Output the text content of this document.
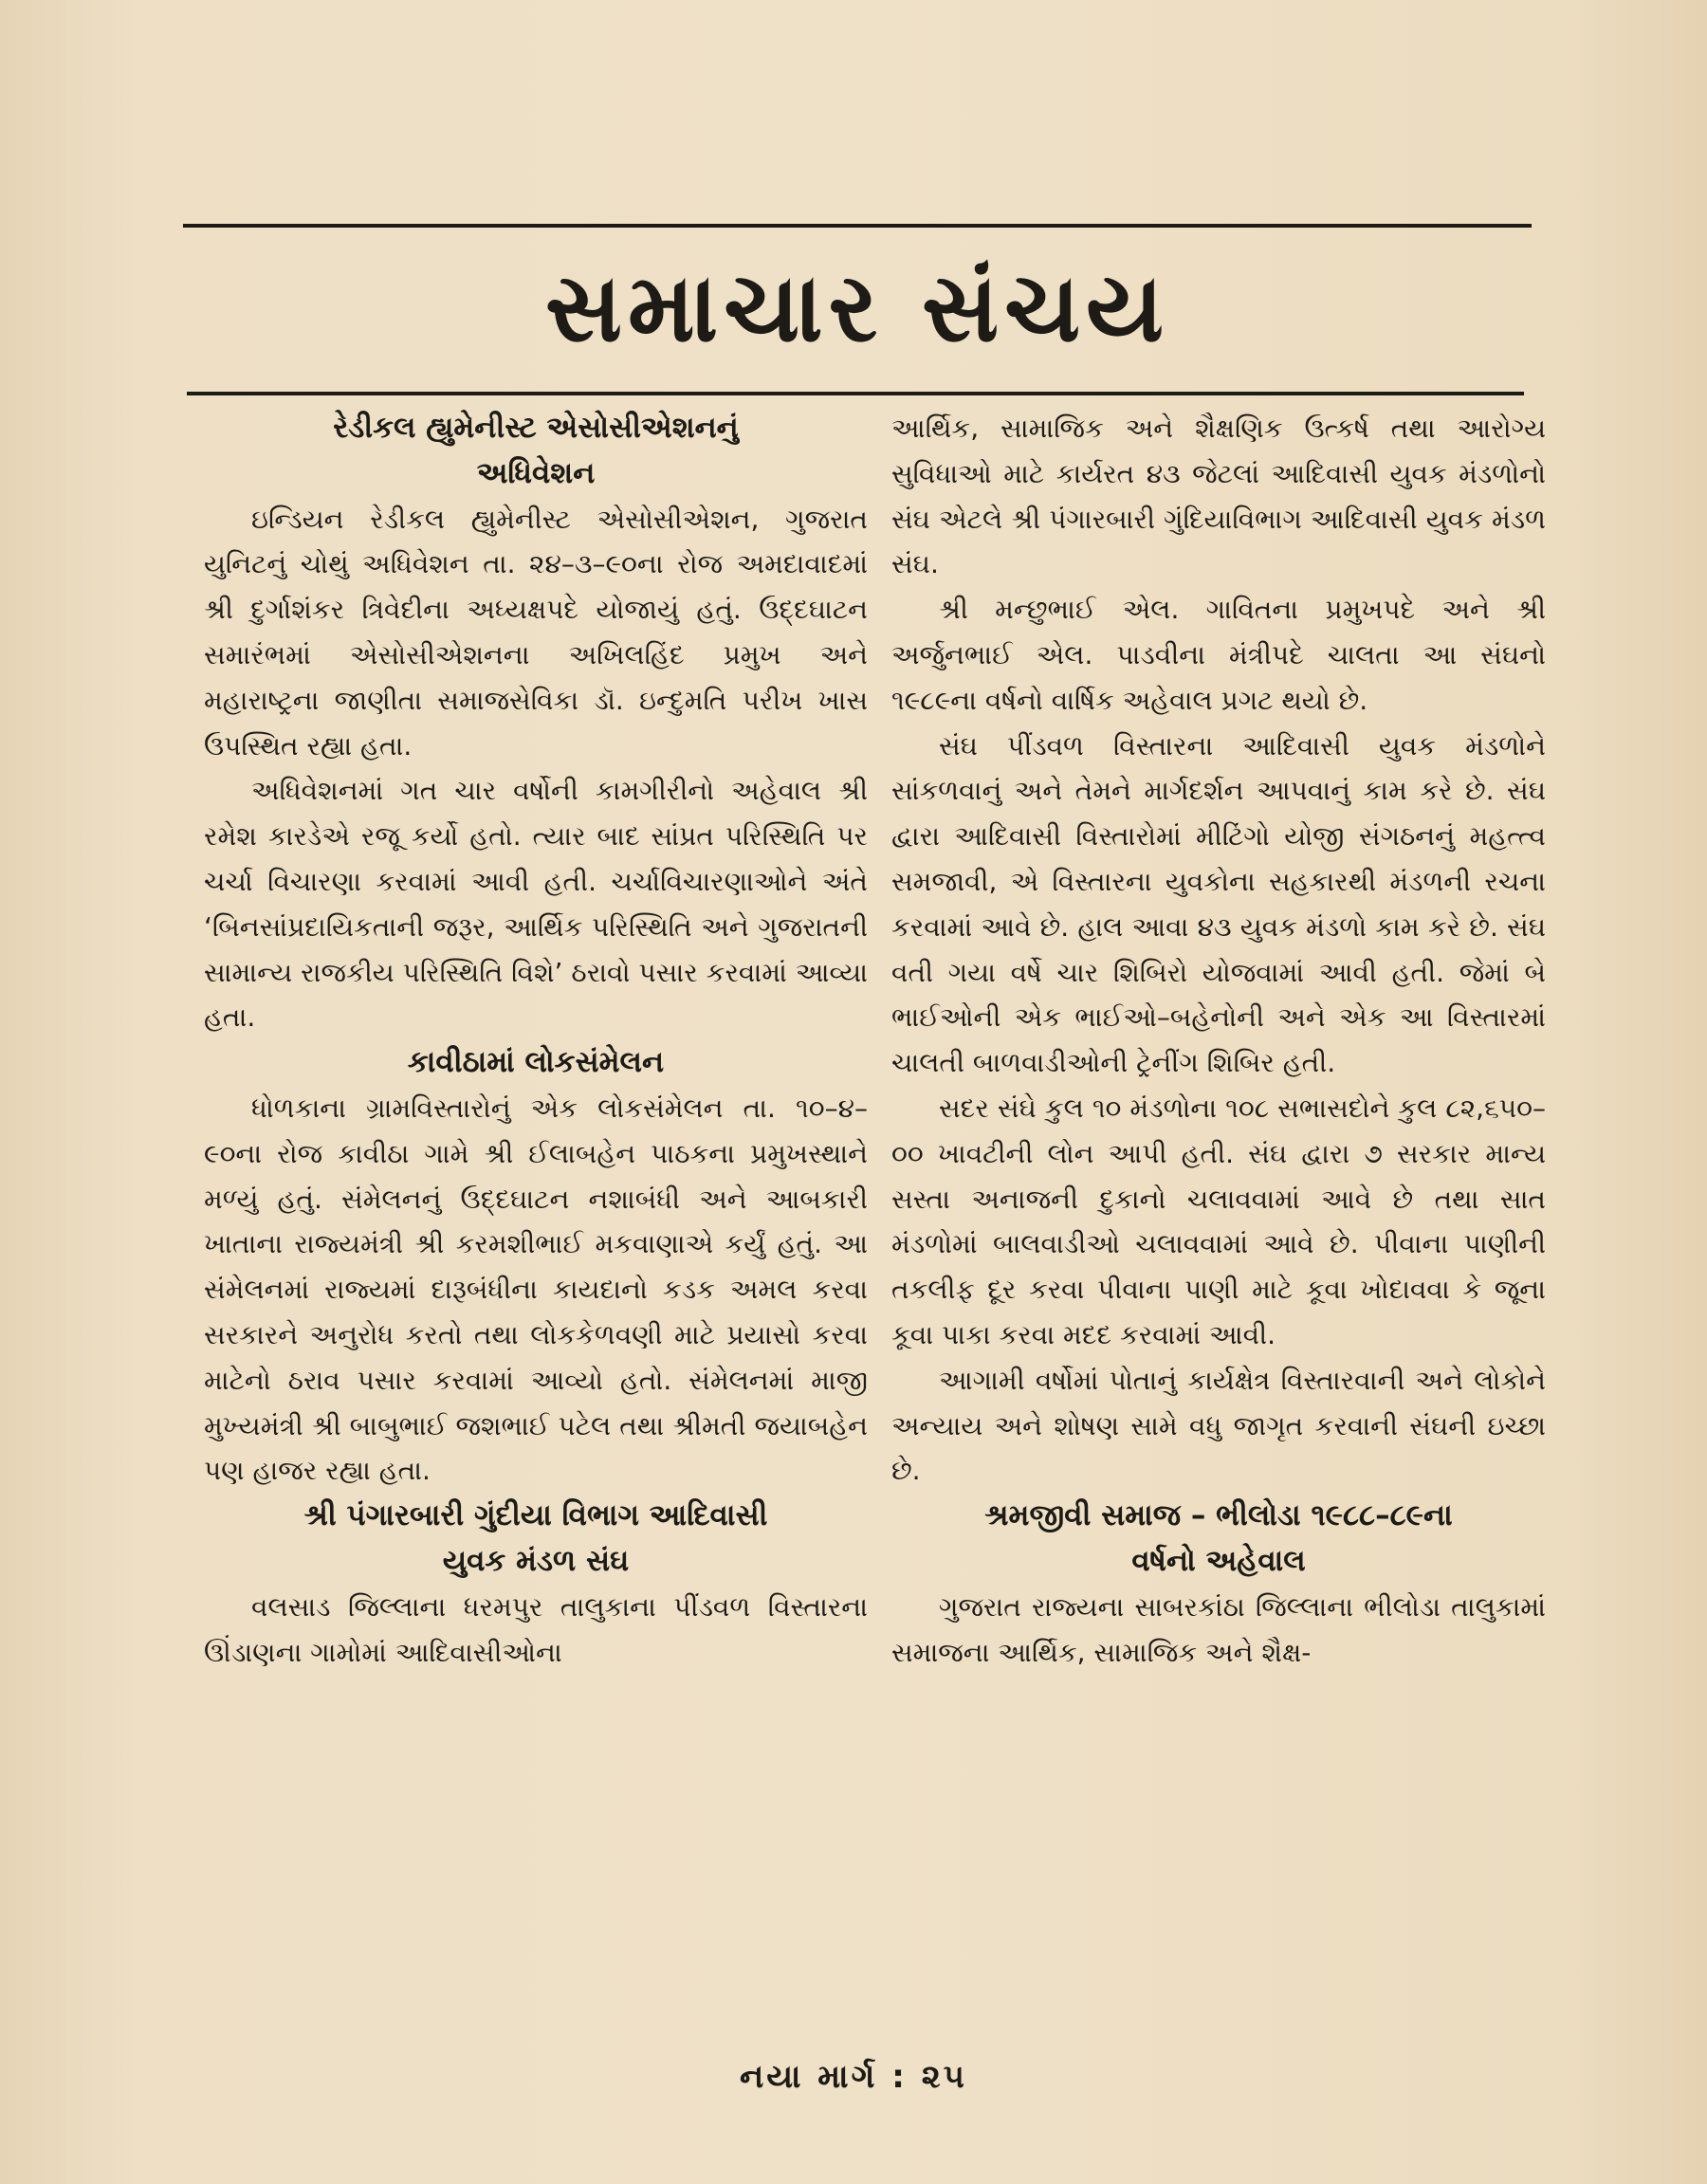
સમાચાર સંચય
રેડીકલ હ્યુમેનીસ્ટ એસોસીએશનનું
અધિવેશન

ઇન્ડિયન રેડીકલ હ્યુમેનીસ્ટ એસોસીએશન, ગુજરાત યુનિટનું ચોથું અધિવેશન તા. ૨૪–૩–૯૦ના રોજ અમદાવાદમાં શ્રી દુર્ગાશંકર ત્રિવેદીના અધ્યક્ષપદે યોજાયું હતું. ઉદ્દઘાટન સમારંભમાં એસોસીએશનના અખિલહિંદ પ્રમુખ અને મહારાષ્ટ્રના જાણીતા સમાજસેવિકા ડૉ. ઇન્દુમતિ પરીખ ખાસ ઉપસ્થિત રહ્યા હતા.

અધિવેશનમાં ગત ચાર વર્ષોની કામગીરીનો અહેવાલ શ્રી રમેશ કારડેએ રજૂ કર્યો હતો. ત્યાર બાદ સાંપ્રત પરિસ્થિતિ પર ચર્ચા વિચારણા કરવામાં આવી હતી. ચર્ચાવિચારણાઓને અંતે ‘બિનસાંપ્રદાયિકતાની જરૂર, આર્થિક પરિસ્થિતિ અને ગુજરાતની સામાન્ય રાજકીય પરિસ્થિતિ વિશે’ ઠરાવો પસાર કરવામાં આવ્યા હતા.

કાવીઠામાં લોકસંમેલન

ધોળકાના ગ્રામવિસ્તારોનું એક લોકસંમેલન તા. ૧૦–૪–૯૦ના રોજ કાવીઠા ગામે શ્રી ઈલાબહેન પાઠકના પ્રમુખસ્થાને મળ્યું હતું. સંમેલનનું ઉદ્દઘાટન નશાબંધી અને આબકારી ખાતાના રાજ્યમંત્રી શ્રી કરમશીભાઈ મકવાણાએ કર્યું હતું. આ સંમેલનમાં રાજ્યમાં દારૂબંધીના કાયદાનો કડક અમલ કરવા સરકારને અનુરોધ કરતો તથા લોકકેળવણી માટે પ્રયાસો કરવા માટેનો ઠરાવ પસાર કરવામાં આવ્યો હતો. સંમેલનમાં માજી મુખ્યમંત્રી શ્રી બાબુભાઈ જશભાઈ પટેલ તથા શ્રીમતી જયાબહેન પણ હાજર રહ્યા હતા.

શ્રી પંગારબારી ગુંદીયા વિભાગ આદિવાસી
યુવક મંડળ સંઘ

વલસાડ જિલ્લાના ધરમપુર તાલુકાના પીંડવળ વિસ્તારના ઊંડાણના ગામોમાં આદિવાસીઓના

આર્થિક, સામાજિક અને શૈક્ષણિક ઉત્કર્ષ તથા આરોગ્ય સુવિધાઓ માટે કાર્યરત ૪૩ જેટલાં આદિવાસી યુવક મંડળોનો સંઘ એટલે શ્રી પંગારબારી ગુંદિયાવિભાગ આદિવાસી યુવક મંડળ સંઘ.

શ્રી મન્છુભાઈ એલ. ગાવિતના પ્રમુખપદે અને શ્રી અર્જુનભાઈ એલ. પાડવીના મંત્રીપદે ચાલતા આ સંઘનો ૧૯૮૯ના વર્ષનો વાર્ષિક અહેવાલ પ્રગટ થયો છે.

સંઘ પીંડવળ વિસ્તારના આદિવાસી યુવક મંડળોને સાંકળવાનું અને તેમને માર્ગદર્શન આપવાનું કામ કરે છે. સંઘ દ્વારા આદિવાસી વિસ્તારોમાં મીટિંગો યોજી સંગઠનનું મહત્ત્વ સમજાવી, એ વિસ્તારના યુવકોના સહકારથી મંડળની રચના કરવામાં આવે છે. હાલ આવા ૪૩ યુવક મંડળો કામ કરે છે. સંઘ વતી ગયા વર્ષે ચાર શિબિરો યોજવામાં આવી હતી. જેમાં બે ભાઈઓની એક ભાઈઓ–બહેનોની અને એક આ વિસ્તારમાં ચાલતી બાળવાડીઓની ટ્રેનીંગ શિબિર હતી.

સદર સંઘે કુલ ૧૦ મંડળોના ૧૦૮ સભાસદોને કુલ ૮૨,૬૫૦–૦૦ ખાવટીની લોન આપી હતી. સંઘ દ્વારા ૭ સરકાર માન્ય સસ્તા અનાજની દુકાનો ચલાવવામાં આવે છે તથા સાત મંડળોમાં બાલવાડીઓ ચલાવવામાં આવે છે. પીવાના પાણીની તકલીફ દૂર કરવા પીવાના પાણી માટે કૂવા ખોદાવવા કે જૂના કૂવા પાકા કરવા મદદ કરવામાં આવી.

આગામી વર્ષોમાં પોતાનું કાર્યક્ષેત્ર વિસ્તારવાની અને લોકોને અન્યાય અને શોષણ સામે વધુ જાગૃત કરવાની સંઘની ઇચ્છા છે.

શ્રમજીવી સમાજ – ભીલોડા ૧૯૮૮–૮૯ના
વર્ષનો અહેવાલ

ગુજરાત રાજ્યના સાબરકાંઠા જિલ્લાના ભીલોડા તાલુકામાં સમાજના આર્થિક, સામાજિક અને શૈક્ષ-

નયા માર્ગ : ૨૫
